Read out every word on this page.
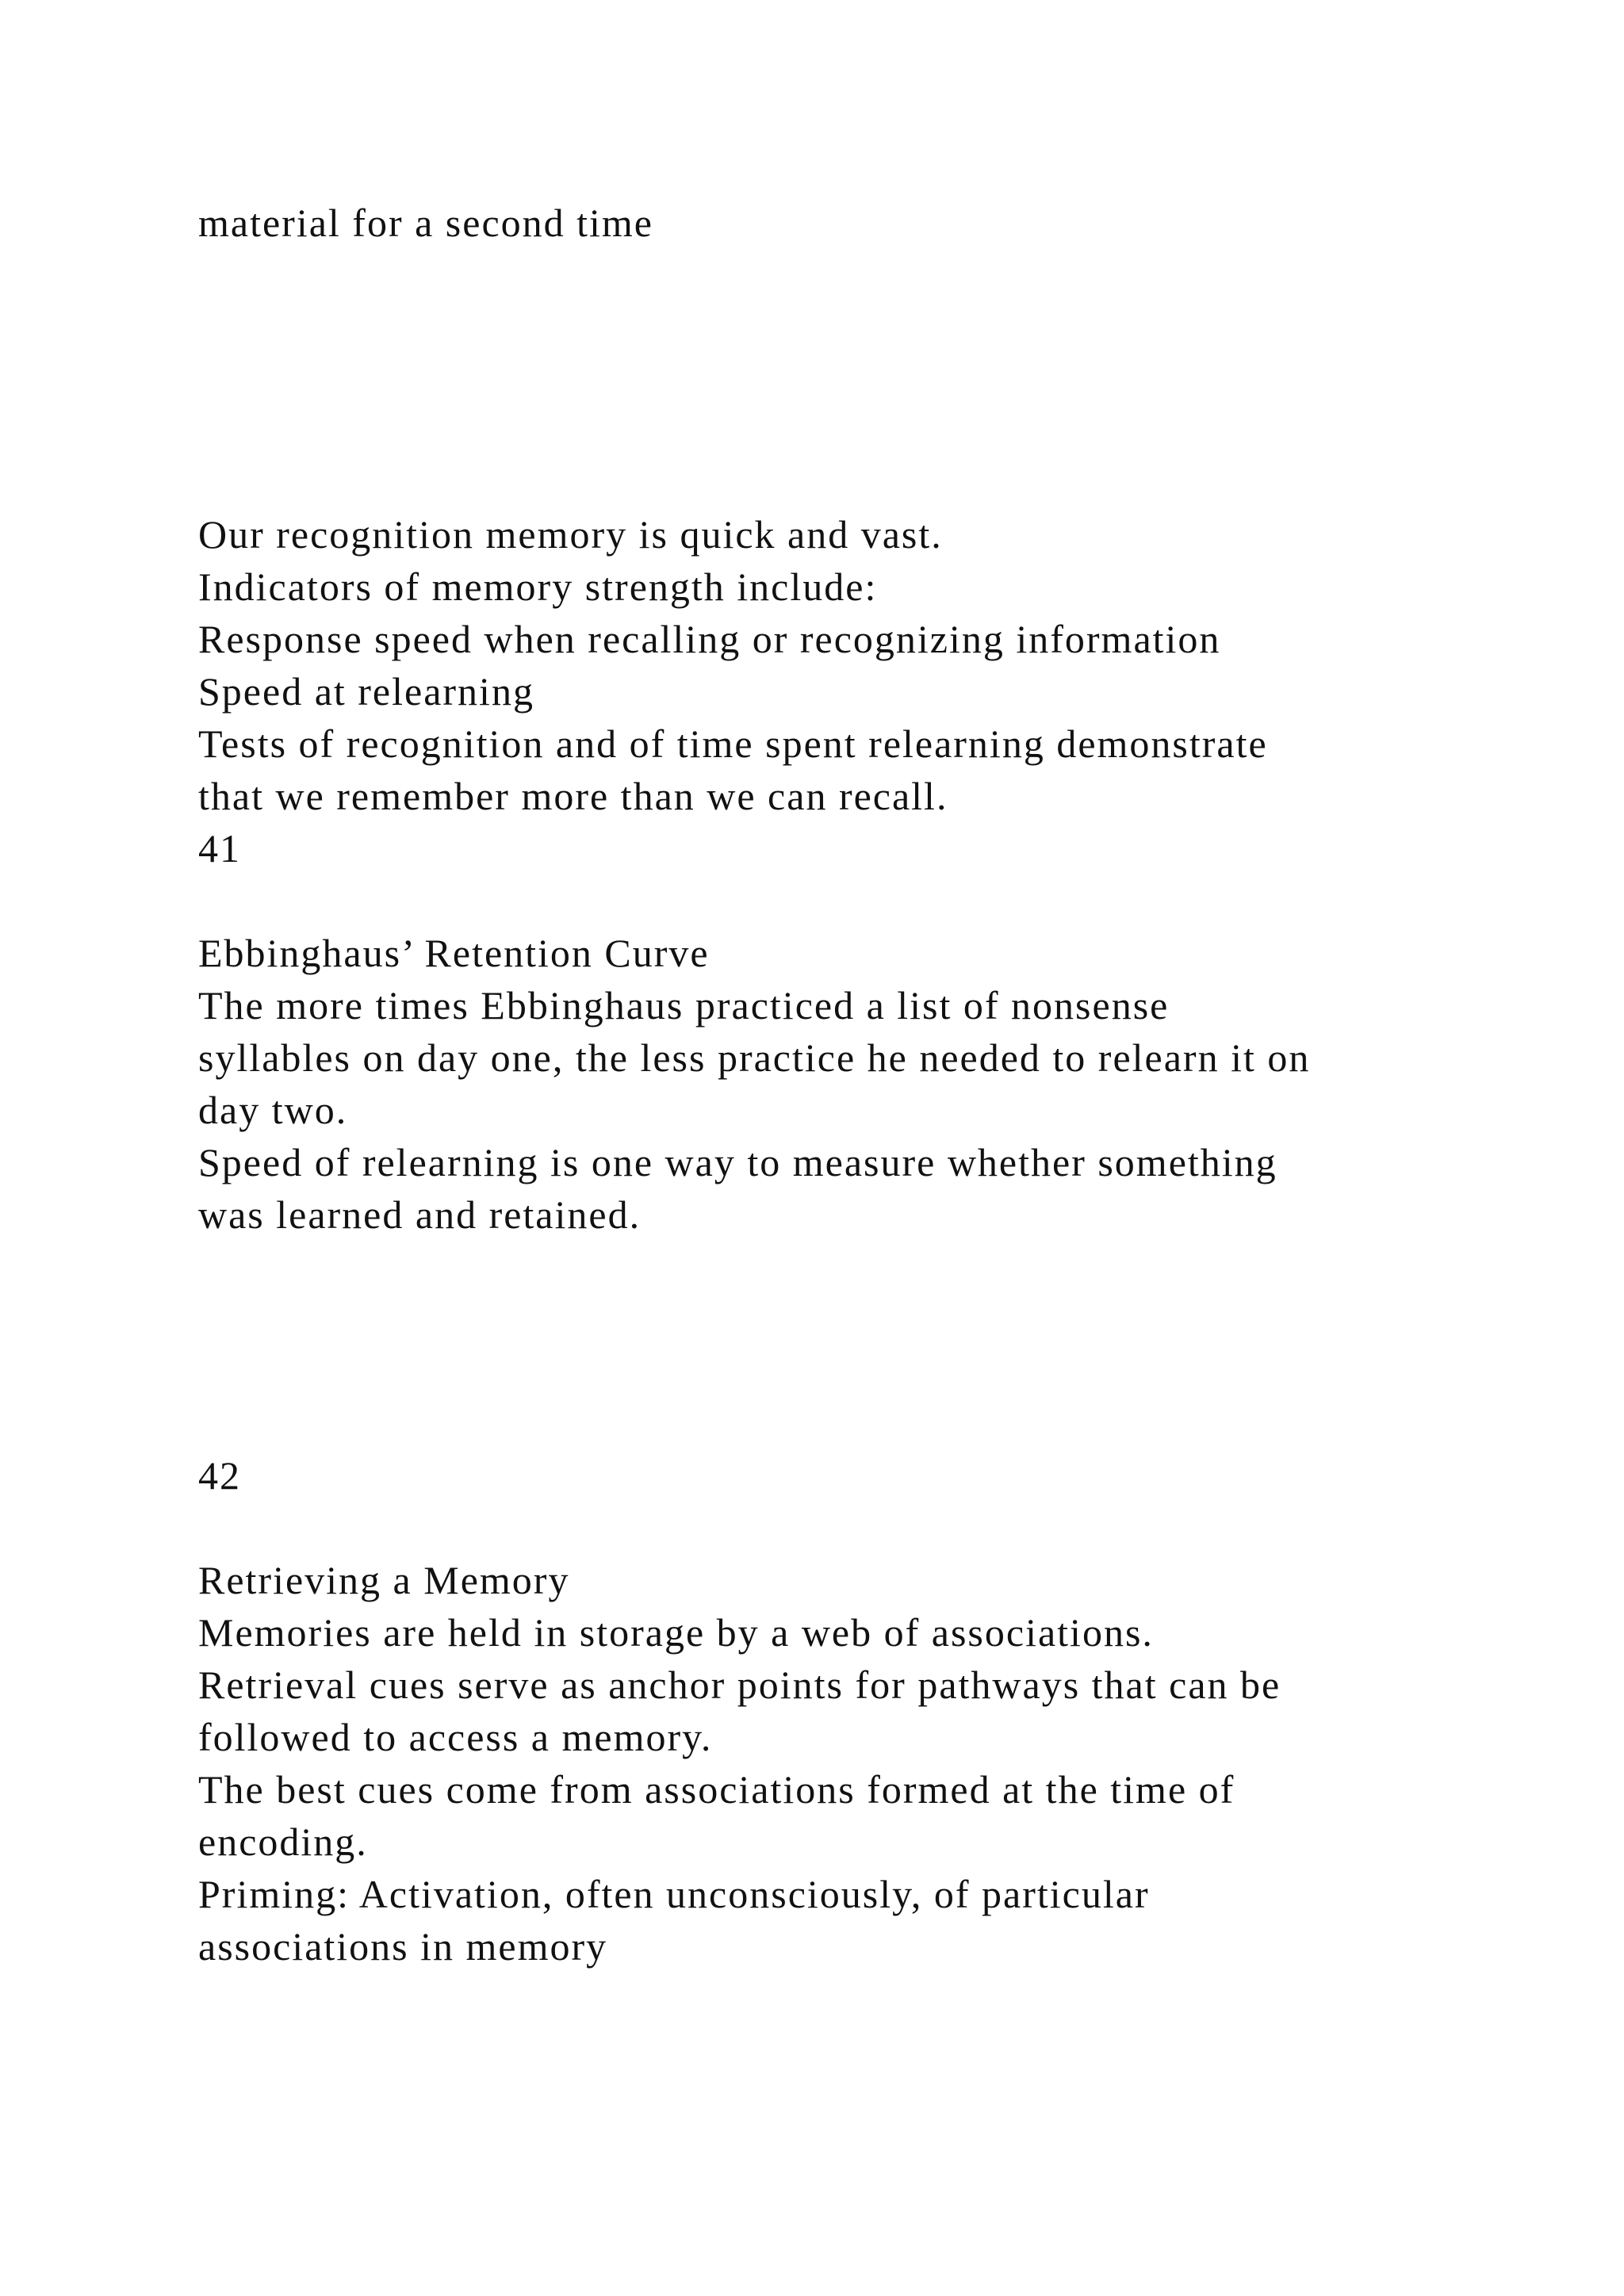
material for a second time

Our recognition memory is quick and vast.

Indicators of memory strength include:

Response speed when recalling or recognizing information

Speed at relearning

Tests of recognition and of time spent relearning demonstrate

that we remember more than we can recall.

41

Ebbinghaus’ Retention Curve

The more times Ebbinghaus practiced a list of nonsense

syllables on day one, the less practice he needed to relearn it on

day two.

Speed of relearning is one way to measure whether something

was learned and retained.

42

Retrieving a Memory

Memories are held in storage by a web of associations.

Retrieval cues serve as anchor points for pathways that can be

followed to access a memory.

The best cues come from associations formed at the time of

encoding.

Priming: Activation, often unconsciously, of particular

associations in memory
